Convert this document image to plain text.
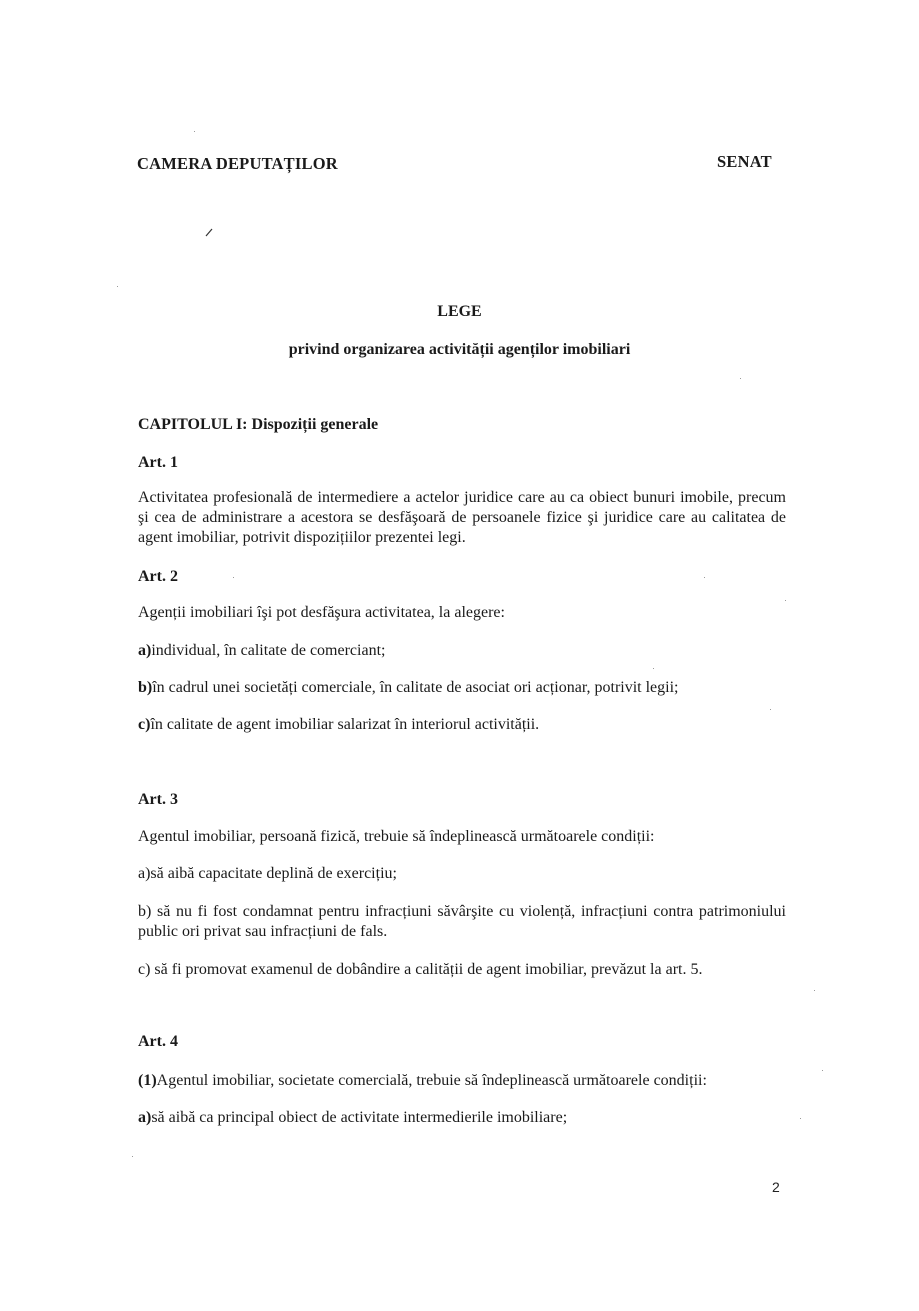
CAMERA DEPUTAȚILOR	SENAT
LEGE
privind organizarea activității agenților imobiliari
CAPITOLUL I: Dispoziții generale
Art. 1
Activitatea profesională de intermediere a actelor juridice care au ca obiect bunuri imobile, precum şi cea de administrare a acestora se desfăşoară de persoanele fizice şi juridice care au calitatea de agent imobiliar, potrivit dispozițiilor prezentei legi.
Art. 2
Agenții imobiliari îşi pot desfăşura activitatea, la alegere:
a)individual, în calitate de comerciant;
b)în cadrul unei societăți comerciale, în calitate de asociat ori acționar, potrivit legii;
c)în calitate de agent imobiliar salarizat în interiorul activității.
Art. 3
Agentul imobiliar, persoană fizică, trebuie să îndeplinească următoarele condiții:
a)să aibă capacitate deplină de exercițiu;
b) să nu fi fost condamnat pentru infracțiuni săvârşite cu violență, infracțiuni contra patrimoniului public ori privat sau infracțiuni de fals.
c) să fi promovat examenul de dobândire a calității de agent imobiliar, prevăzut la art. 5.
Art. 4
(1)Agentul imobiliar, societate comercială, trebuie să îndeplinească următoarele condiții:
a)să aibă ca principal obiect de activitate intermedierile imobiliare;
2
